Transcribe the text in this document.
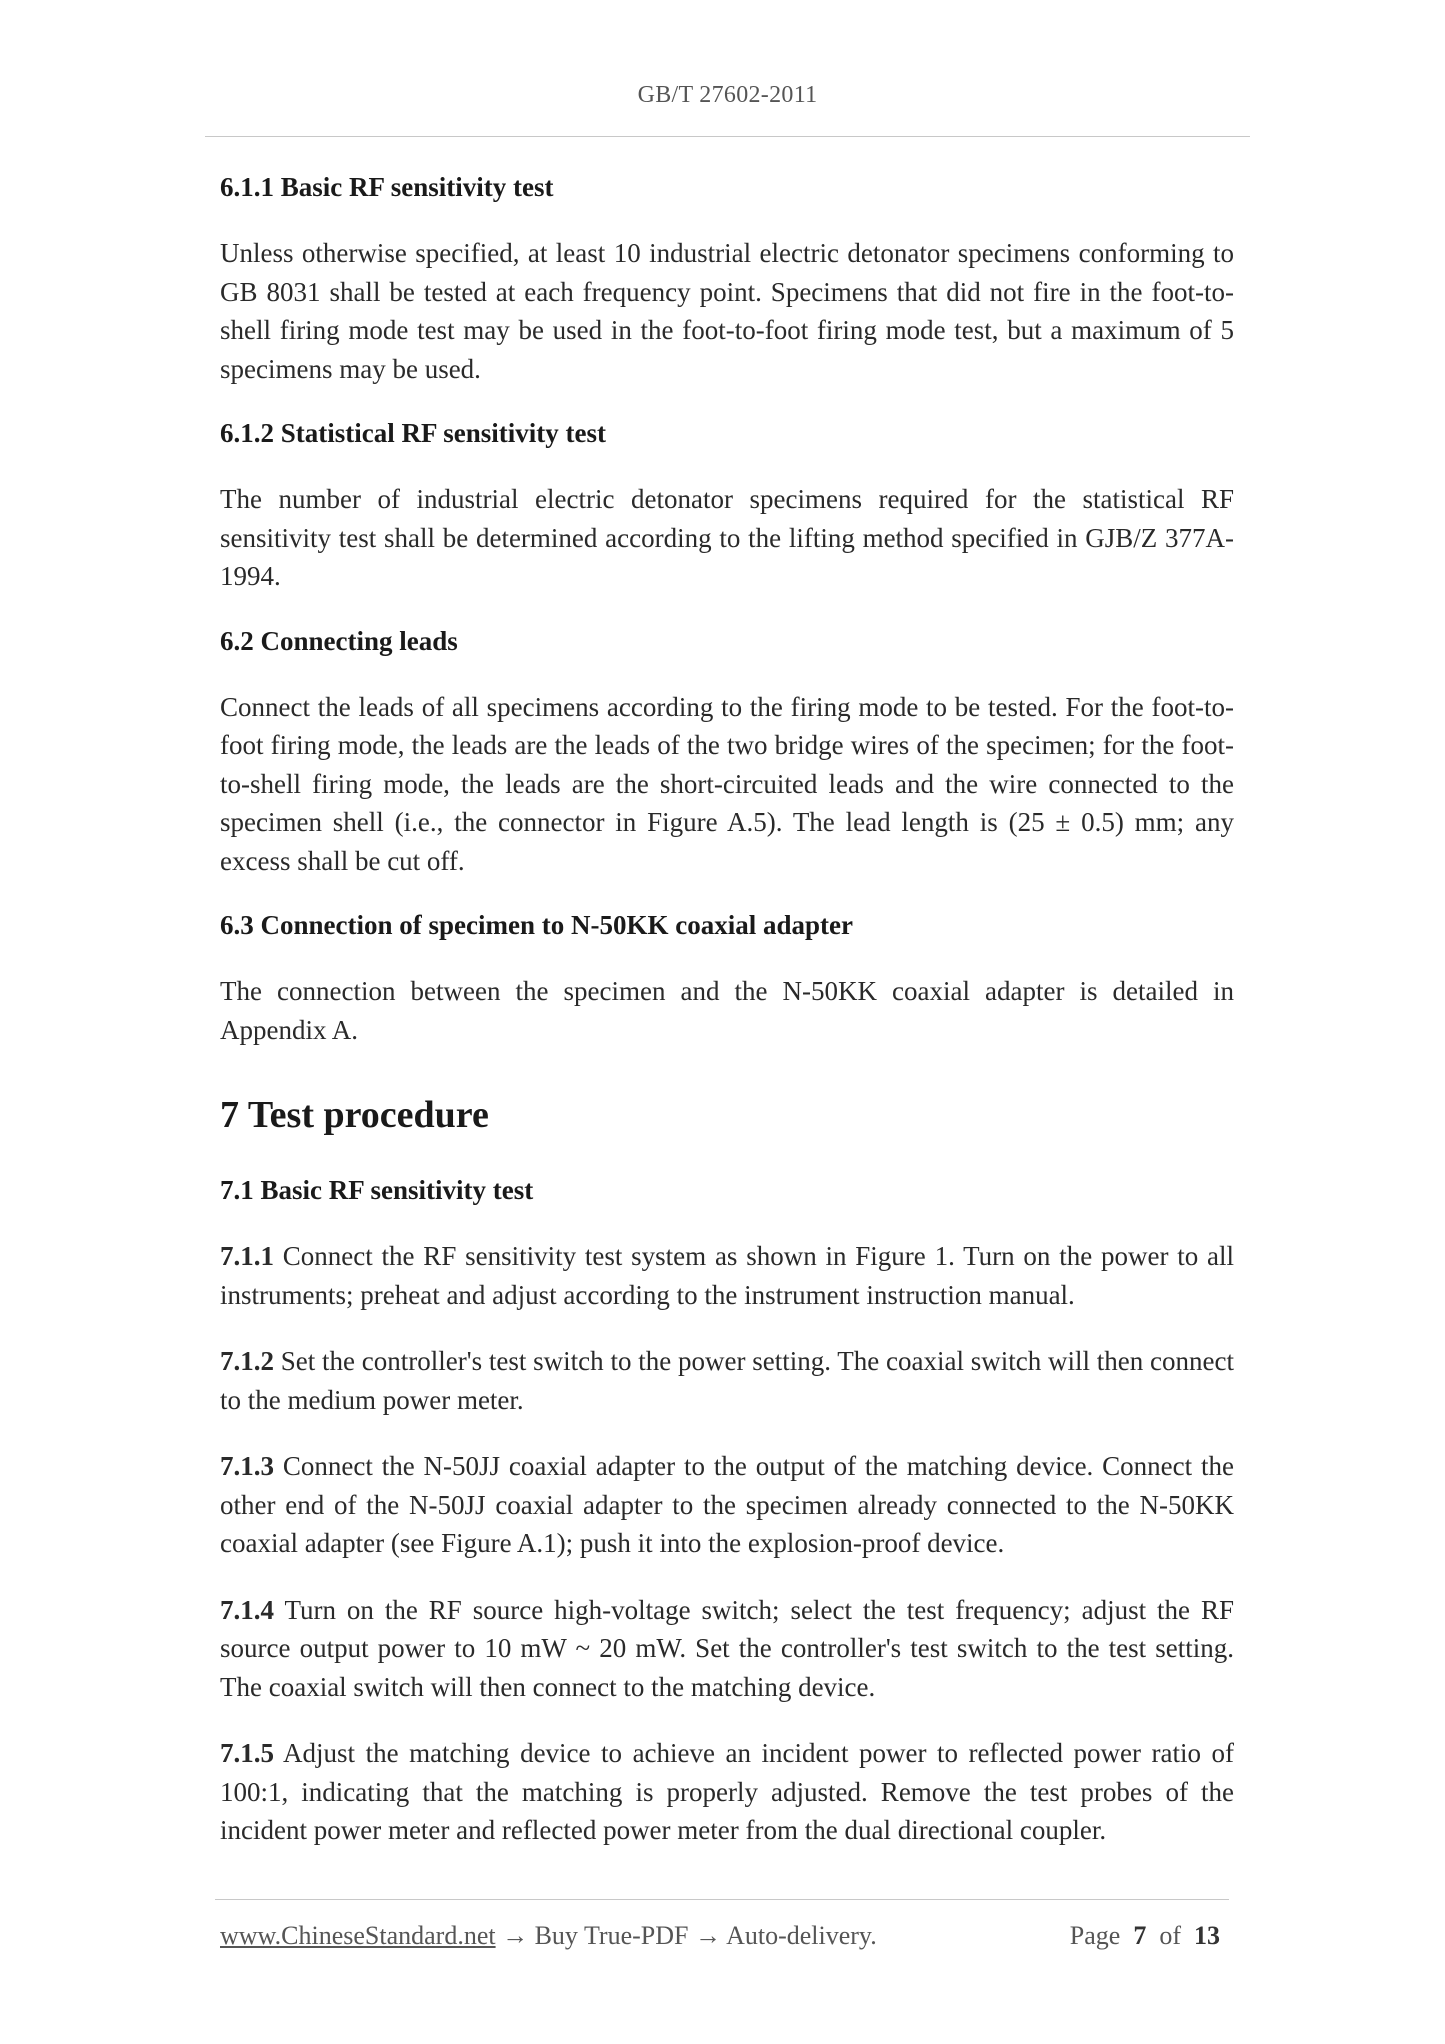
GB/T 27602-2011
6.1.1 Basic RF sensitivity test
Unless otherwise specified, at least 10 industrial electric detonator specimens conforming to GB 8031 shall be tested at each frequency point. Specimens that did not fire in the foot-to-shell firing mode test may be used in the foot-to-foot firing mode test, but a maximum of 5 specimens may be used.
6.1.2 Statistical RF sensitivity test
The number of industrial electric detonator specimens required for the statistical RF sensitivity test shall be determined according to the lifting method specified in GJB/Z 377A-1994.
6.2 Connecting leads
Connect the leads of all specimens according to the firing mode to be tested. For the foot-to-foot firing mode, the leads are the leads of the two bridge wires of the specimen; for the foot-to-shell firing mode, the leads are the short-circuited leads and the wire connected to the specimen shell (i.e., the connector in Figure A.5). The lead length is (25 ± 0.5) mm; any excess shall be cut off.
6.3 Connection of specimen to N-50KK coaxial adapter
The connection between the specimen and the N-50KK coaxial adapter is detailed in Appendix A.
7 Test procedure
7.1 Basic RF sensitivity test
7.1.1 Connect the RF sensitivity test system as shown in Figure 1. Turn on the power to all instruments; preheat and adjust according to the instrument instruction manual.
7.1.2 Set the controller's test switch to the power setting. The coaxial switch will then connect to the medium power meter.
7.1.3 Connect the N-50JJ coaxial adapter to the output of the matching device. Connect the other end of the N-50JJ coaxial adapter to the specimen already connected to the N-50KK coaxial adapter (see Figure A.1); push it into the explosion-proof device.
7.1.4 Turn on the RF source high-voltage switch; select the test frequency; adjust the RF source output power to 10 mW ~ 20 mW. Set the controller's test switch to the test setting. The coaxial switch will then connect to the matching device.
7.1.5 Adjust the matching device to achieve an incident power to reflected power ratio of 100:1, indicating that the matching is properly adjusted. Remove the test probes of the incident power meter and reflected power meter from the dual directional coupler.
www.ChineseStandard.net → Buy True-PDF → Auto-delivery.	Page 7 of 13
